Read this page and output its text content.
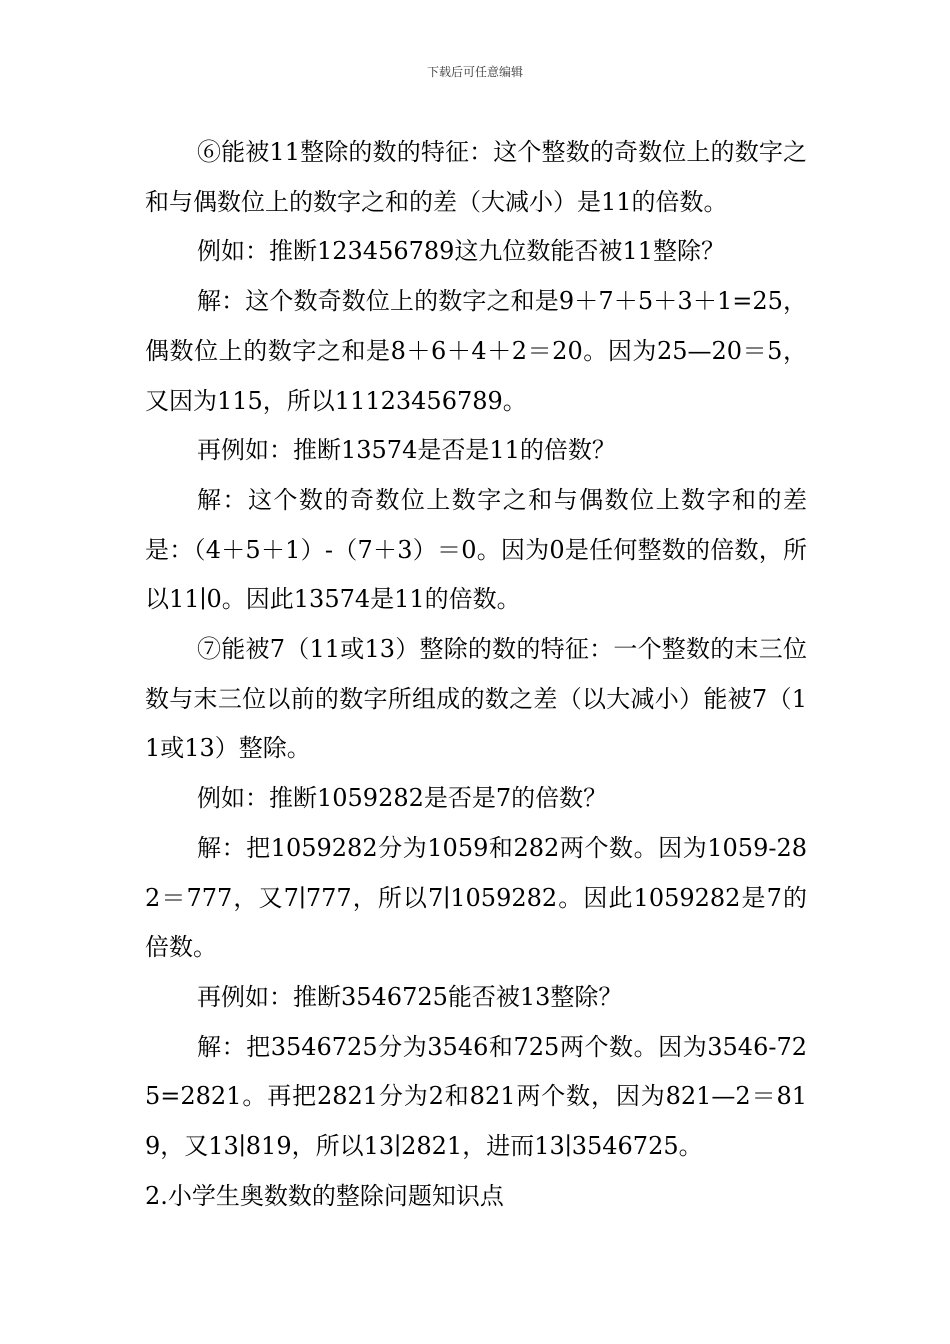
下载后可任意编辑

⑥能被11整除的数的特征：这个整数的奇数位上的数字之和与偶数位上的数字之和的差（大减小）是11的倍数。

例如：推断123456789这九位数能否被11整除？

解：这个数奇数位上的数字之和是9＋7＋5＋3＋1=25，偶数位上的数字之和是8＋6＋4＋2＝20。因为25—20＝5，又因为115，所以11123456789。

再例如：推断13574是否是11的倍数？

解：这个数的奇数位上数字之和与偶数位上数字和的差是：（4＋5＋1）-（7＋3）＝0。因为0是任何整数的倍数，所以11∣0。因此13574是11的倍数。

⑦能被7（11或13）整除的数的特征：一个整数的末三位数与末三位以前的数字所组成的数之差（以大减小）能被7（11或13）整除。

例如：推断1059282是否是7的倍数？

解：把1059282分为1059和282两个数。因为1059-282＝777，又7∣777，所以7∣1059282。因此1059282是7的倍数。

再例如：推断3546725能否被13整除？

解：把3546725分为3546和725两个数。因为3546-725=2821。再把2821分为2和821两个数，因为821—2＝819，又13∣819，所以13∣2821，进而13∣3546725。

2.小学生奥数数的整除问题知识点
